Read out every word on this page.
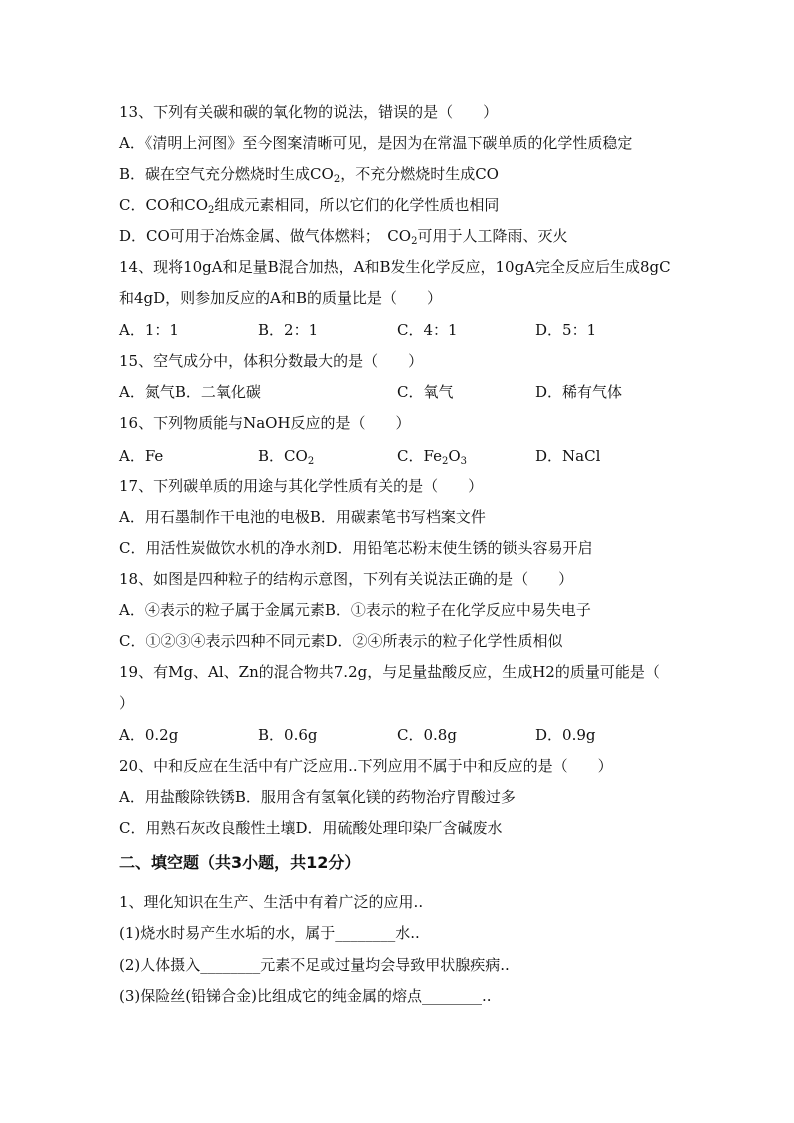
13、下列有关碳和碳的氧化物的说法，错误的是（　　）
A．《清明上河图》至今图案清晰可见，是因为在常温下碳单质的化学性质稳定
B．碳在空气充分燃烧时生成$CO_2$，不充分燃烧时生成CO
C．CO和$CO_2$组成元素相同，所以它们的化学性质也相同
D．CO可用于冶炼金属、做气体燃料；　$CO_2$可用于人工降雨、灭火
14、现将10gA和足量B混合加热，A和B发生化学反应，10gA完全反应后生成8gC
和4gD，则参加反应的A和B的质量比是（　　）
A．1：1	B．2：1	C．4：1	D．5：1
15、空气成分中，体积分数最大的是（　　）
A．氮气B．二氧化碳	C．氧气	D．稀有气体
16、下列物质能与NaOH反应的是（　　）
A．Fe	B．$CO_2$	C．$Fe_2O_3$	D．NaCl
17、下列碳单质的用途与其化学性质有关的是（　　）
A．用石墨制作干电池的电极B．用碳素笔书写档案文件
C．用活性炭做饮水机的净水剂D．用铅笔芯粉末使生锈的锁头容易开启
18、如图是四种粒子的结构示意图，下列有关说法正确的是（　　）
A．④表示的粒子属于金属元素B．①表示的粒子在化学反应中易失电子
C．①②③④表示四种不同元素D．②④所表示的粒子化学性质相似
19、有Mg、Al、Zn的混合物共7.2g，与足量盐酸反应，生成H2的质量可能是（
）
A．0.2g	B．0.6g	C．0.8g	D．0.9g
20、中和反应在生活中有广泛应用..下列应用不属于中和反应的是（　　）
A．用盐酸除铁锈B．服用含有氢氧化镁的药物治疗胃酸过多
C．用熟石灰改良酸性土壤D．用硫酸处理印染厂含碱废水
二、填空题（共3小题，共12分）
1、理化知识在生产、生活中有着广泛的应用..
(1)烧水时易产生水垢的水，属于________水..
(2)人体摄入________元素不足或过量均会导致甲状腺疾病..
(3)保险丝(铅锑合金)比组成它的纯金属的熔点________..
